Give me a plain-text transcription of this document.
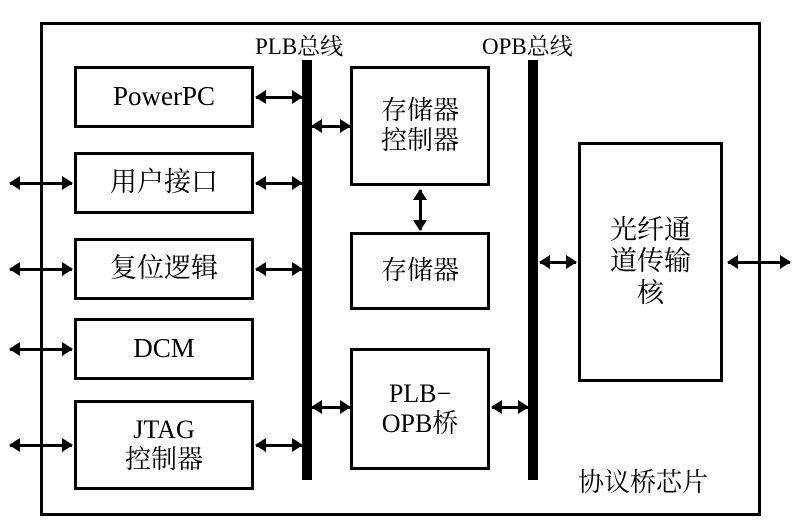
PLB总线	OPB总线
PowerPC
用户接口
复位逻辑
DCM
JTAG
控制器
存储器
控制器
存储器
PLB−
OPB桥
光纤通
道传输
核
协议桥芯片
